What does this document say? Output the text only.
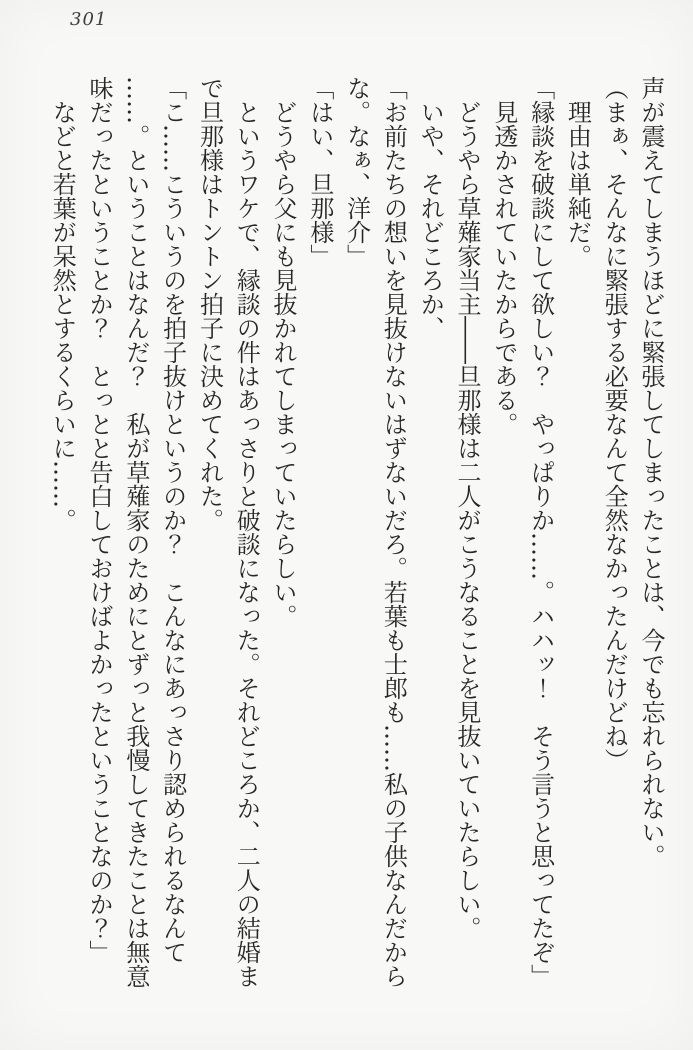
301
声が震えてしまうほどに緊張してしまったことは、今でも忘れられない。
（まぁ、そんなに緊張する必要なんて全然なかったんだけどね）
　理由は単純だ。
「縁談を破談にして欲しい？　やっぱりか……。ハハッ！　そう言うと思ってたぞ」
　見透かされていたからである。
　どうやら草薙家当主――旦那様は二人がこうなることを見抜いていたらしい。
　いや、それどころか、
「お前たちの想いを見抜けないはずないだろ。若葉も士郎も……私の子供なんだから
な。なぁ、洋介」
「はい、旦那様」
　どうやら父にも見抜かれてしまっていたらしい。
　というワケで、縁談の件はあっさりと破談になった。それどころか、二人の結婚ま
で旦那様はトントン拍子に決めてくれた。
「こ……こういうのを拍子抜けというのか？　こんなにあっさり認められるなんて
……。ということはなんだ？　私が草薙家のためにとずっと我慢してきたことは無意
味だったということか？　とっとと告白しておけばよかったということなのか？」
　などと若葉が呆然とするくらいに……。
